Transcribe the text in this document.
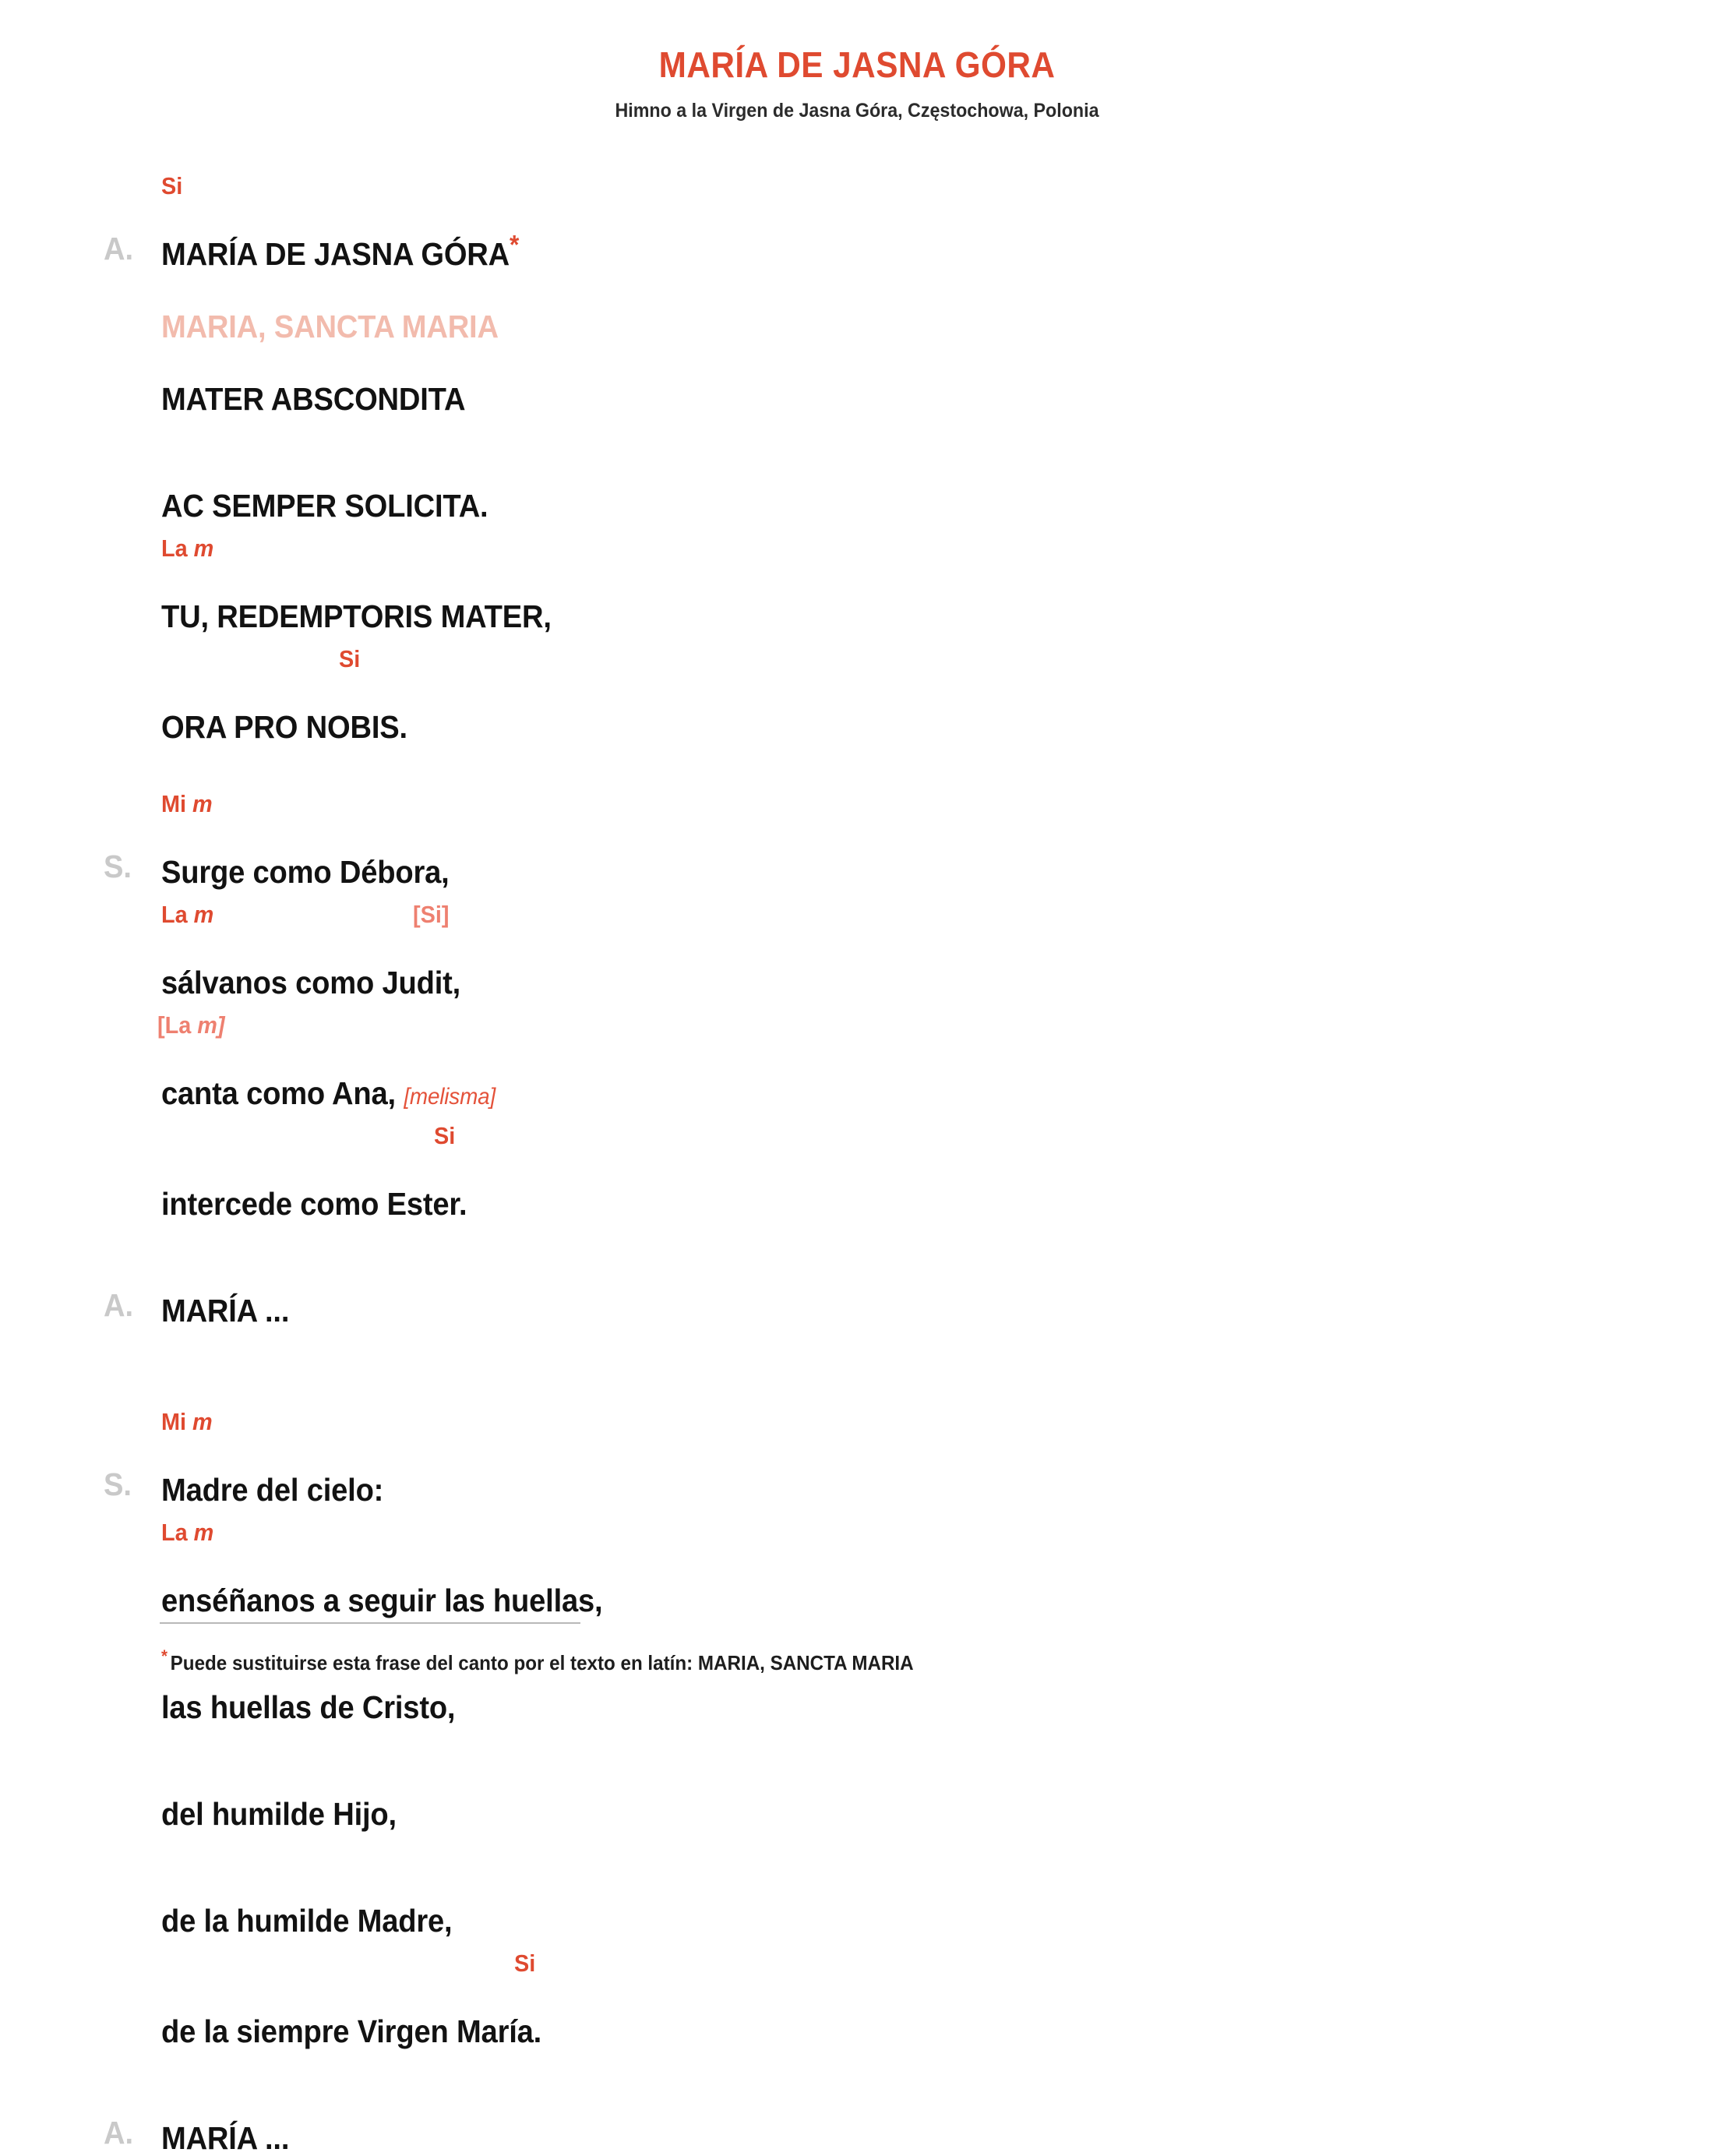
MARÍA DE JASNA GÓRA
Himno a la Virgen de Jasna Góra, Częstochowa, Polonia
Si
A. MARÍA DE JASNA GÓRA*
MARIA, SANCTA MARIA
MATER ABSCONDITA
AC SEMPER SOLICITA.
La m
TU, REDEMPTORIS MATER,
Si
ORA PRO NOBIS.
Mi m
S. Surge como Débora,
La m	[Si]
sálvanos como Judit,
[La m]
canta como Ana, [melisma]
Si
intercede como Ester.
A. MARÍA ...
Mi m
S. Madre del cielo:
La m
enséñanos a seguir las huellas,
las huellas de Cristo,
del humilde Hijo,
de la humilde Madre,
Si
de la siempre Virgen María.
A. MARÍA ...
* Puede sustituirse esta frase del canto por el texto en latín: MARIA, SANCTA MARIA
